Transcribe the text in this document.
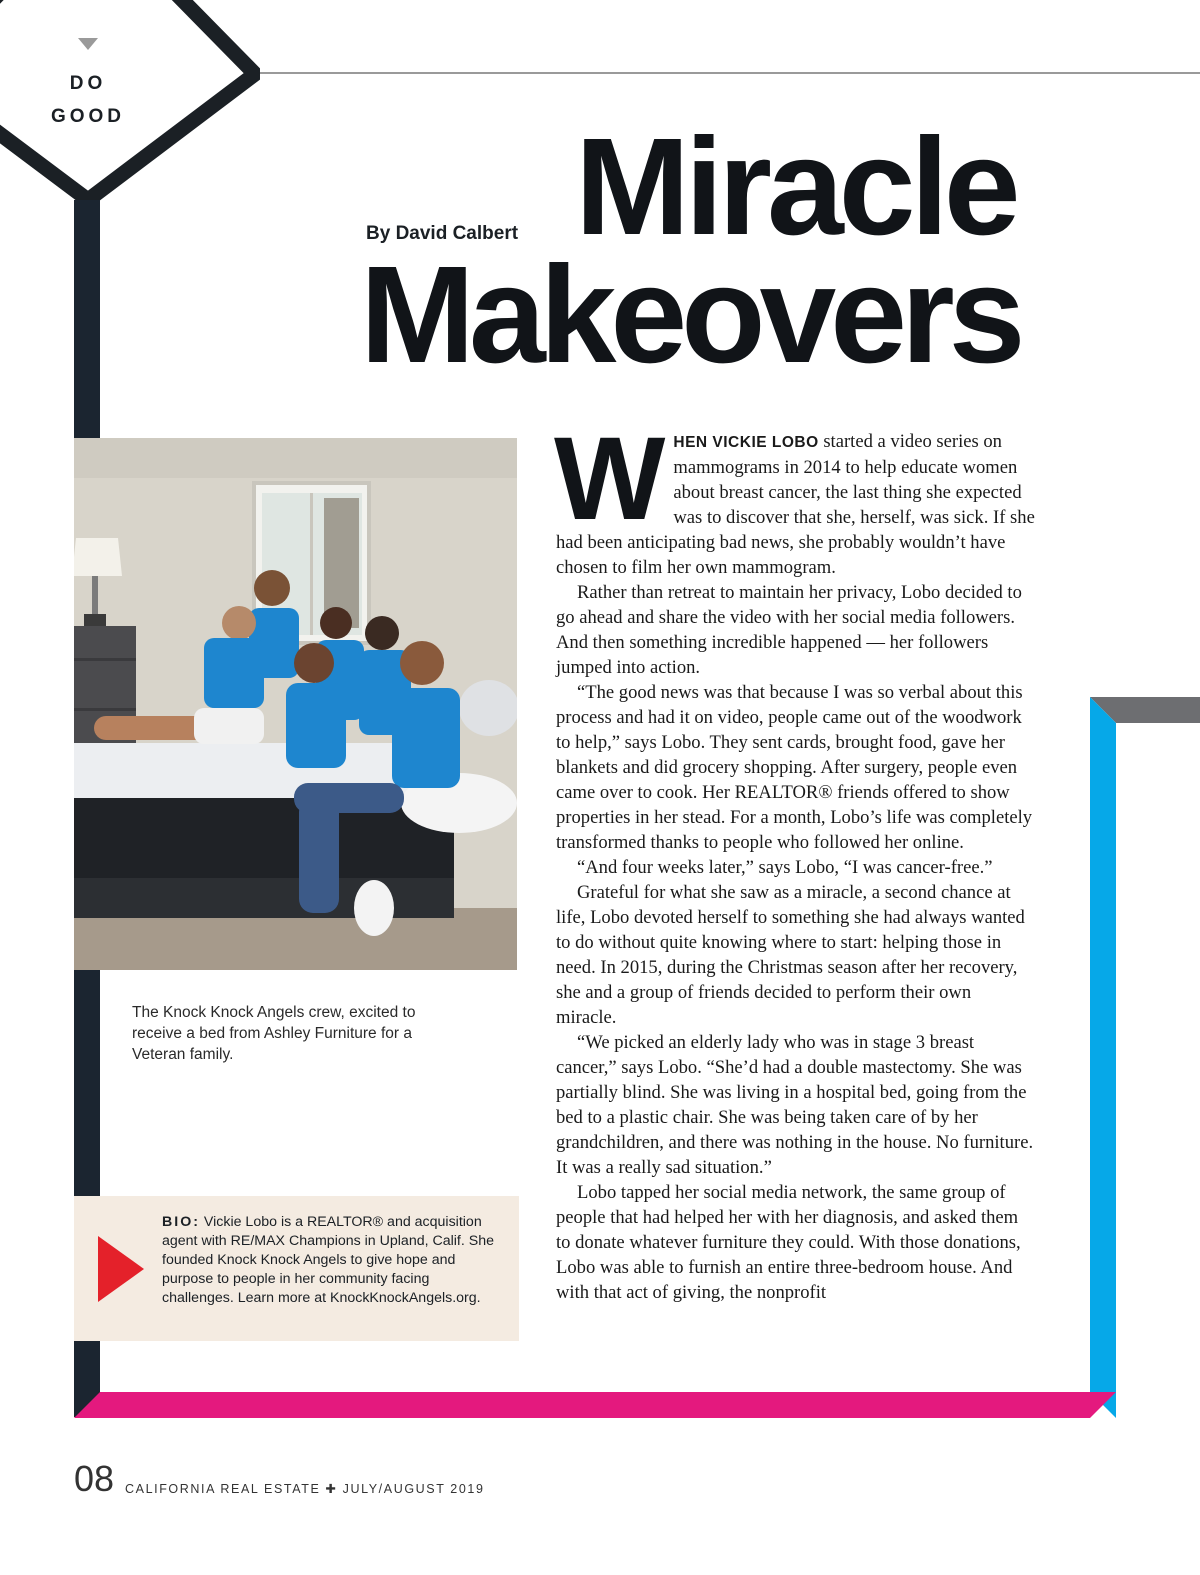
DO
GOOD
By David Calbert Miracle
Makeovers
The Knock Knock Angels crew, excited to receive a bed from Ashley Furniture for a Veteran family.
BIO: Vickie Lobo is a REALTOR® and acquisition agent with RE/MAX Champions in Upland, Calif. She founded Knock Knock Angels to give hope and purpose to people in her community facing challenges. Learn more at KnockKnockAngels.org.

WHEN VICKIE LOBO started a video series on mammograms in 2014 to help educate women about breast cancer, the last thing she expected was to discover that she, herself, was sick. If she had been anticipating bad news, she probably wouldn’t have chosen to film her own mammogram.

Rather than retreat to maintain her privacy, Lobo decided to go ahead and share the video with her social media followers. And then something incredible happened — her followers jumped into action.

“The good news was that because I was so verbal about this process and had it on video, people came out of the woodwork to help,” says Lobo. They sent cards, brought food, gave her blankets and did grocery shopping. After surgery, people even came over to cook. Her REALTOR® friends offered to show properties in her stead. For a month, Lobo’s life was completely transformed thanks to people who followed her online.

“And four weeks later,” says Lobo, “I was cancer-free.”

Grateful for what she saw as a miracle, a second chance at life, Lobo devoted herself to something she had always wanted to do without quite knowing where to start: helping those in need. In 2015, during the Christmas season after her recovery, she and a group of friends decided to perform their own miracle.

“We picked an elderly lady who was in stage 3 breast cancer,” says Lobo. “She’d had a double mastectomy. She was partially blind. She was living in a hospital bed, going from the bed to a plastic chair. She was being taken care of by her grandchildren, and there was nothing in the house. No furniture. It was a really sad situation.”

Lobo tapped her social media network, the same group of people that had helped her with her diagnosis, and asked them to donate whatever furniture they could. With those donations, Lobo was able to furnish an entire three-bedroom house. And with that act of giving, the nonprofit

08 CALIFORNIA REAL ESTATE ✚ JULY/AUGUST 2019
